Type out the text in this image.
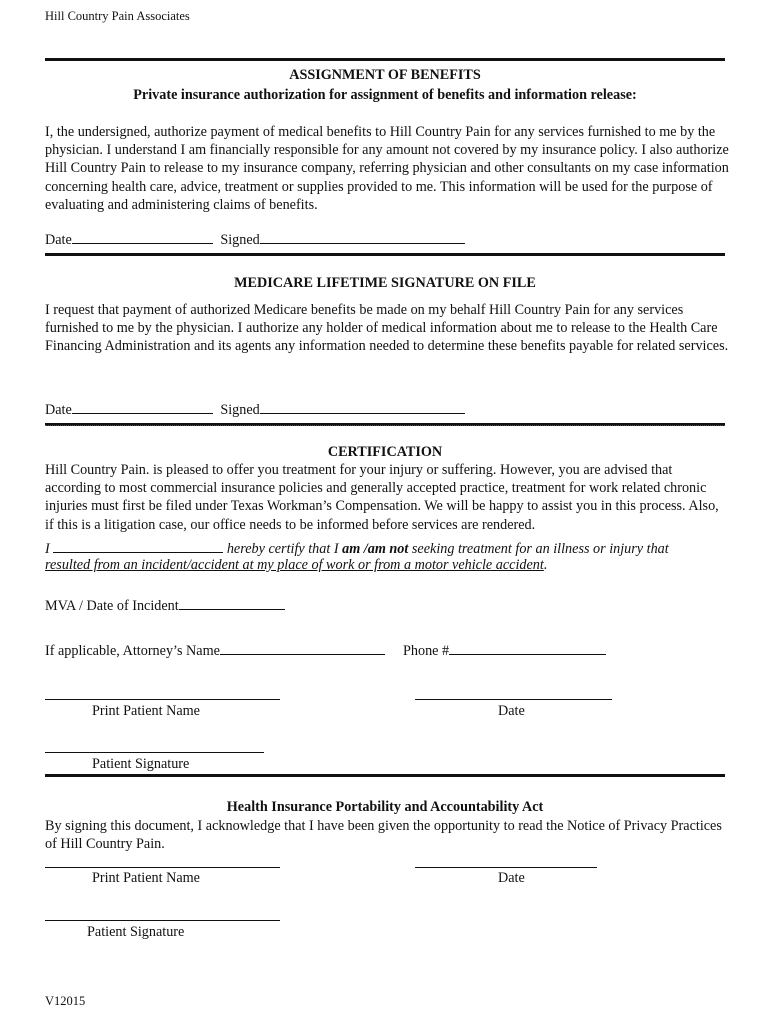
Hill Country Pain Associates
ASSIGNMENT OF BENEFITS
Private insurance authorization for assignment of benefits and information release:
I, the undersigned, authorize payment of medical benefits to Hill Country Pain for any services furnished to me by the physician. I understand I am financially responsible for any amount not covered by my insurance policy. I also authorize Hill Country Pain to release to my insurance company, referring physician and other consultants on my case information concerning health care, advice, treatment or supplies provided to me. This information will be used for the purpose of evaluating and administering claims of benefits.
Date	Signed
MEDICARE LIFETIME SIGNATURE ON FILE
I request that payment of authorized Medicare benefits be made on my behalf Hill Country Pain for any services furnished to me by the physician. I authorize any holder of medical information about me to release to the Health Care Financing Administration and its agents any information needed to determine these benefits payable for related services.
Date	Signed
CERTIFICATION
Hill Country Pain. is pleased to offer you treatment for your injury or suffering. However, you are advised that according to most commercial insurance policies and generally accepted practice, treatment for work related chronic injuries must first be filed under Texas Workman’s Compensation. We will be happy to assist you in this process. Also, if this is a litigation case, our office needs to be informed before services are rendered.
I	hereby certify that I am /am not seeking treatment for an illness or injury that
resulted from an incident/accident at my place of work or from a motor vehicle accident.
MVA / Date of Incident
If applicable, Attorney’s Name	Phone #
Print Patient Name	Date
Patient Signature
Health Insurance Portability and Accountability Act
By signing this document, I acknowledge that I have been given the opportunity to read the Notice of Privacy Practices of Hill Country Pain.
Print Patient Name	Date
Patient Signature
V12015
